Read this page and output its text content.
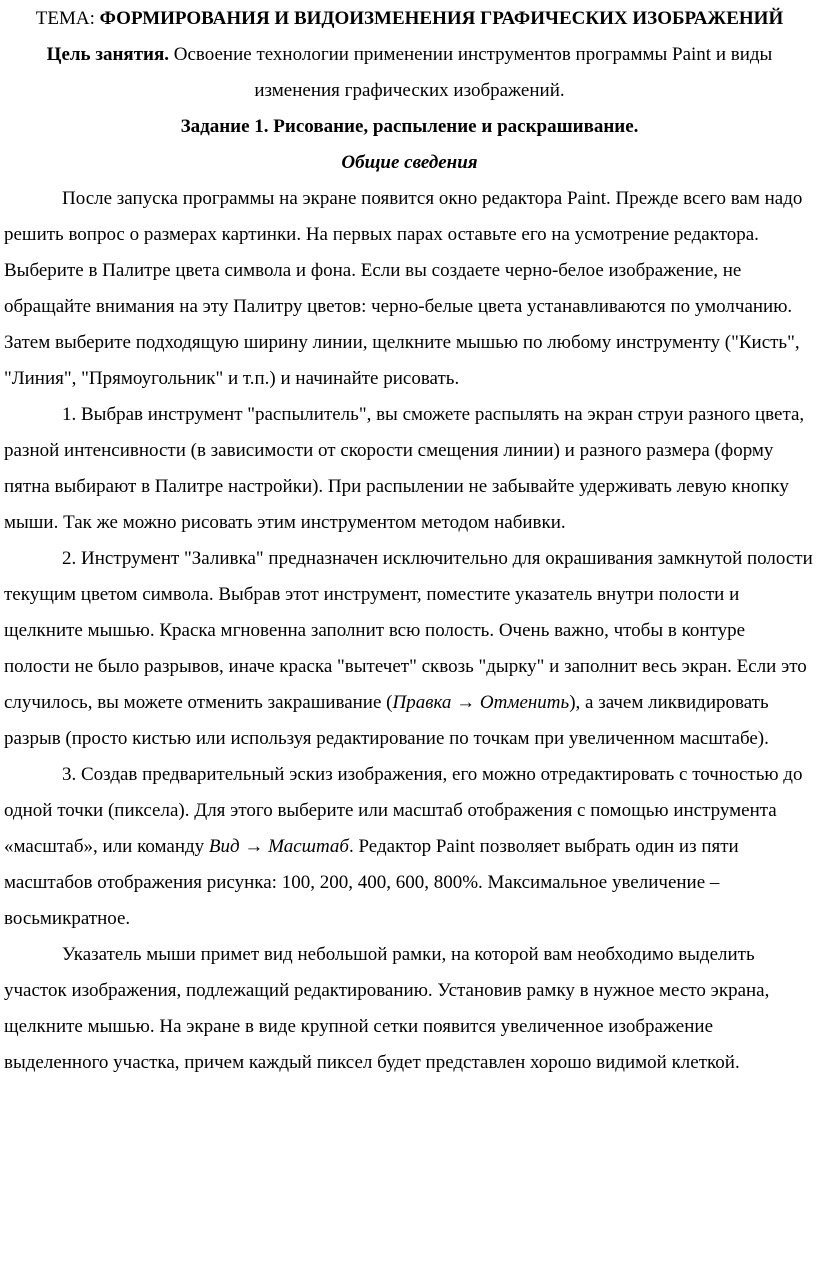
ТЕМА: ФОРМИРОВАНИЯ И ВИДОИЗМЕНЕНИЯ ГРАФИЧЕСКИХ ИЗОБРАЖЕНИЙ

Цель занятия. Освоение технологии применении инструментов программы Paint и виды изменения графических изображений.

Задание 1. Рисование, распыление и раскрашивание.

Общие сведения

После запуска программы на экране появится окно редактора Paint. Прежде всего вам надо решить вопрос о размерах картинки. На первых парах оставьте его на усмотрение редактора. Выберите в Палитре цвета символа и фона. Если вы создаете черно-белое изображение, не обращайте внимания на эту Палитру цветов: черно-белые цвета устанавливаются по умолчанию. Затем выберите подходящую ширину линии, щелкните мышью по любому инструменту ("Кисть", "Линия", "Прямоугольник" и т.п.) и начинайте рисовать.

1. Выбрав инструмент "распылитель", вы сможете распылять на экран струи разного цвета, разной интенсивности (в зависимости от скорости смещения линии) и разного размера (форму пятна выбирают в Палитре настройки). При распылении не забывайте удерживать левую кнопку мыши. Так же можно рисовать этим инструментом методом набивки.

2. Инструмент "Заливка" предназначен исключительно для окрашивания замкнутой полости текущим цветом символа. Выбрав этот инструмент, поместите указатель внутри полости и щелкните мышью. Краска мгновенна заполнит всю полость. Очень важно, чтобы в контуре полости не было разрывов, иначе краска "вытечет" сквозь "дырку" и заполнит весь экран. Если это случилось, вы можете отменить закрашивание (Правка → Отменить), а зачем ликвидировать разрыв (просто кистью или используя редактирование по точкам при увеличенном масштабе).

3. Создав предварительный эскиз изображения, его можно отредактировать с точностью до одной точки (пиксела). Для этого выберите или масштаб отображения с помощью инструмента «масштаб», или команду Вид → Масштаб. Редактор Paint позволяет выбрать один из пяти масштабов отображения рисунка: 100, 200, 400, 600, 800%. Максимальное увеличение – восьмикратное.

Указатель мыши примет вид небольшой рамки, на которой вам необходимо выделить участок изображения, подлежащий редактированию. Установив рамку в нужное место экрана, щелкните мышью. На экране в виде крупной сетки появится увеличенное изображение выделенного участка, причем каждый пиксел будет представлен хорошо видимой клеткой.
